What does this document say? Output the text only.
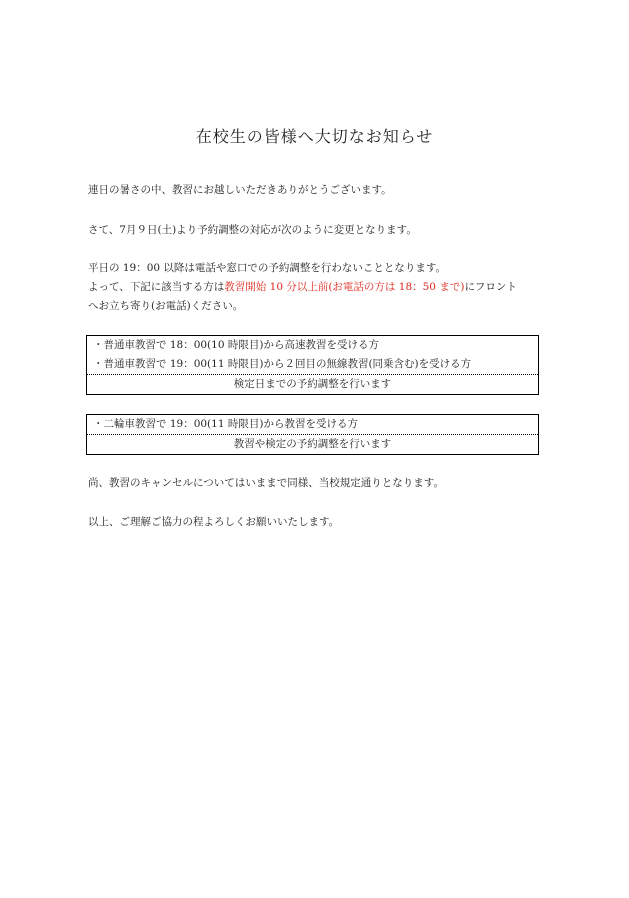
在校生の皆様へ大切なお知らせ
連日の暑さの中、教習にお越しいただきありがとうございます。
さて、7月９日(土)より予約調整の対応が次のように変更となります。
平日の 19：00 以降は電話や窓口での予約調整を行わないこととなります。
よって、下記に該当する方は教習開始 10 分以上前(お電話の方は 18：50 まで)にフロント
へお立ち寄り(お電話)ください。
・普通車教習で 18：00(10 時限目)から高速教習を受ける方
・普通車教習で 19：00(11 時限目)から２回目の無線教習(同乗含む)を受ける方
検定日までの予約調整を行います
・二輪車教習で 19：00(11 時限目)から教習を受ける方
教習や検定の予約調整を行います
尚、教習のキャンセルについてはいままで同様、当校規定通りとなります。
以上、ご理解ご協力の程よろしくお願いいたします。
